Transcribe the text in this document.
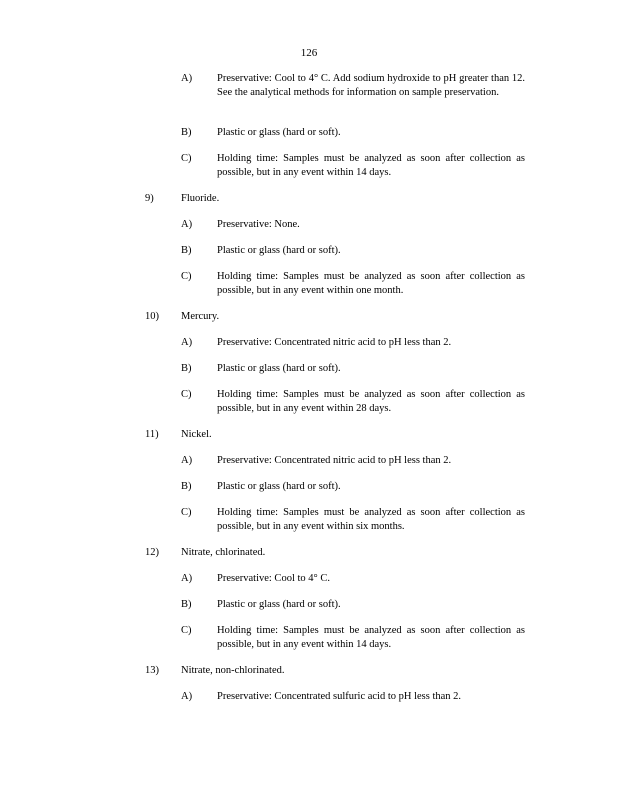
126
A) Preservative: Cool to 4° C. Add sodium hydroxide to pH greater than 12. See the analytical methods for information on sample preservation.
B) Plastic or glass (hard or soft).
C) Holding time: Samples must be analyzed as soon after collection as possible, but in any event within 14 days.
9)	Fluoride.
A) Preservative: None.
B) Plastic or glass (hard or soft).
C) Holding time: Samples must be analyzed as soon after collection as possible, but in any event within one month.
10) Mercury.
A) Preservative: Concentrated nitric acid to pH less than 2.
B) Plastic or glass (hard or soft).
C) Holding time: Samples must be analyzed as soon after collection as possible, but in any event within 28 days.
11) Nickel.
A) Preservative: Concentrated nitric acid to pH less than 2.
B) Plastic or glass (hard or soft).
C) Holding time: Samples must be analyzed as soon after collection as possible, but in any event within six months.
12) Nitrate, chlorinated.
A) Preservative: Cool to 4° C.
B) Plastic or glass (hard or soft).
C) Holding time: Samples must be analyzed as soon after collection as possible, but in any event within 14 days.
13) Nitrate, non-chlorinated.
A) Preservative: Concentrated sulfuric acid to pH less than 2.
